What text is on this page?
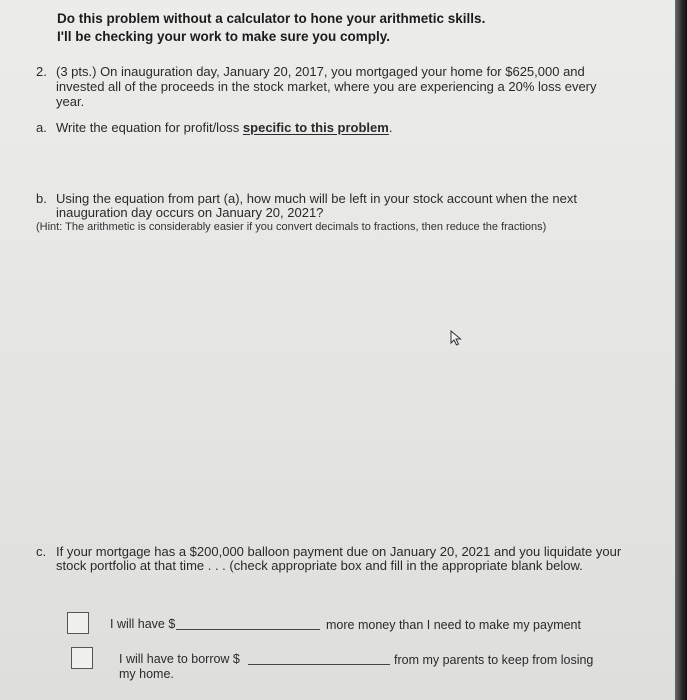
Do this problem without a calculator to hone your arithmetic skills.
I'll be checking your work to make sure you comply.
2. (3 pts.) On inauguration day, January 20, 2017, you mortgaged your home for $625,000 and invested all of the proceeds in the stock market, where you are experiencing a 20% loss every year.
a. Write the equation for profit/loss specific to this problem.
b. Using the equation from part (a), how much will be left in your stock account when the next inauguration day occurs on January 20, 2021?
(Hint: The arithmetic is considerably easier if you convert decimals to fractions, then reduce the fractions)
c. If your mortgage has a $200,000 balloon payment due on January 20, 2021 and you liquidate your stock portfolio at that time . . . (check appropriate box and fill in the appropriate blank below.
I will have $	more money than I need to make my payment
I will have to borrow $	from my parents to keep from losing
my home.
